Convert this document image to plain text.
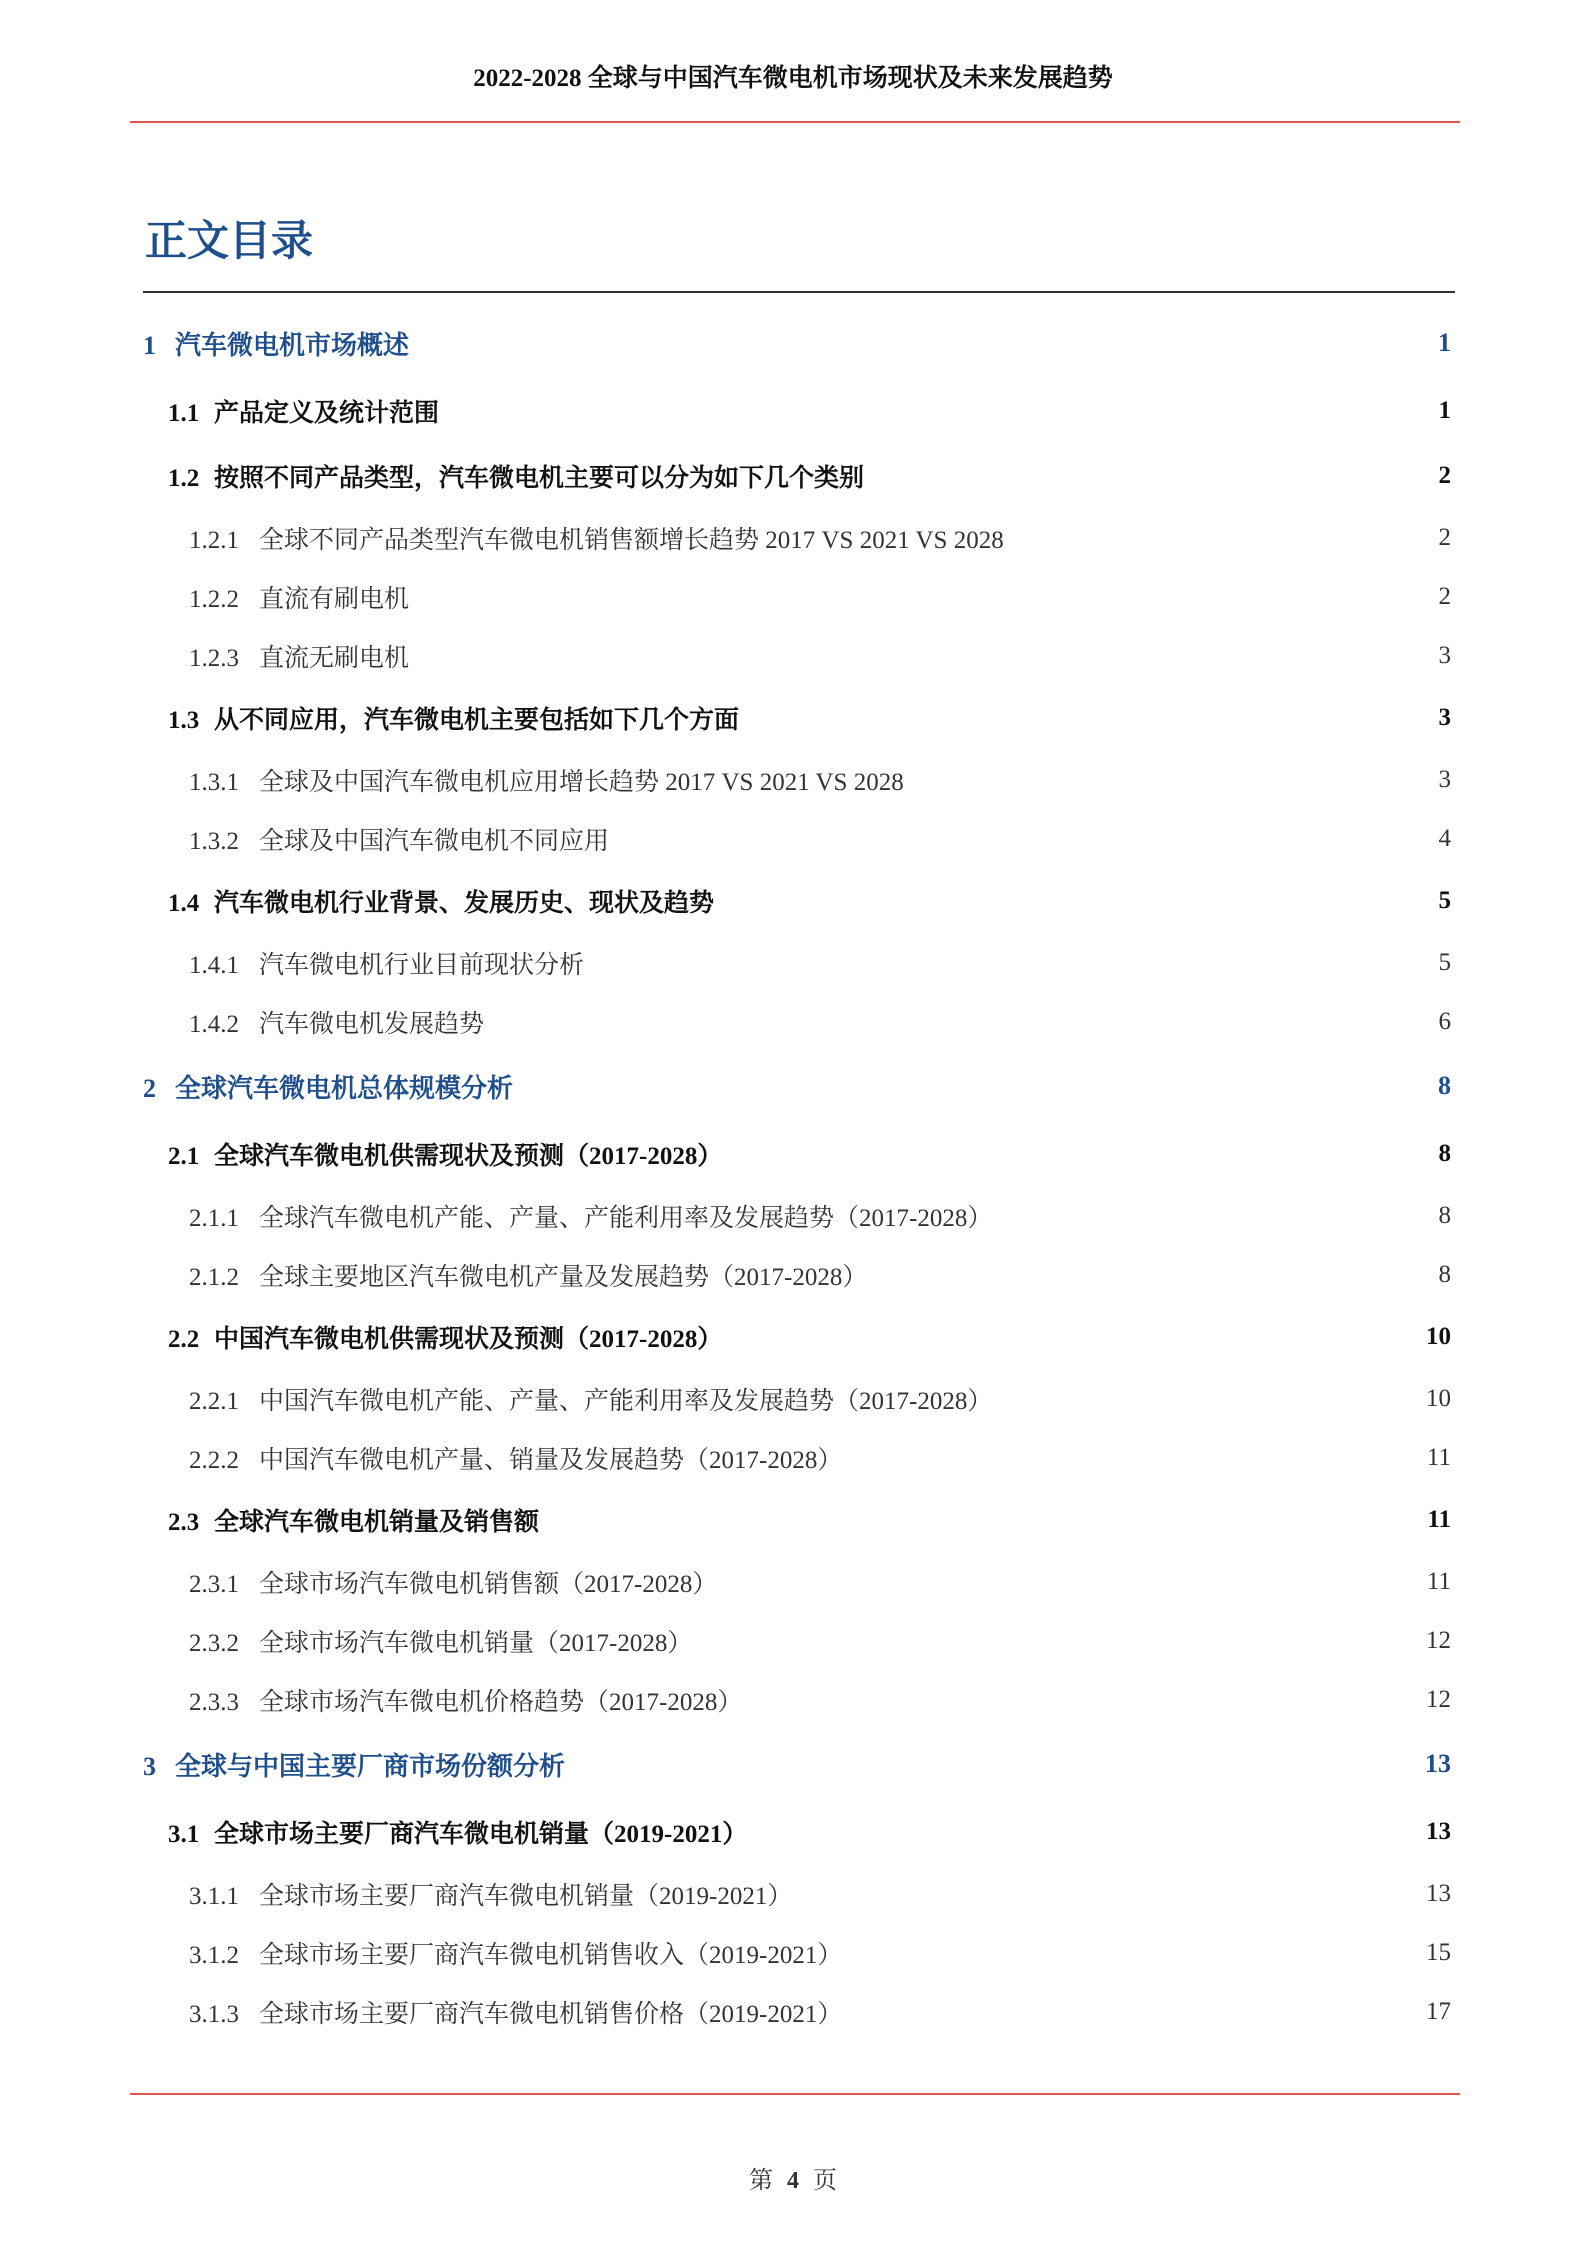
2022-2028 全球与中国汽车微电机市场现状及未来发展趋势
正文目录
1 汽车微电机市场概述	1
1.1 产品定义及统计范围	1
1.2 按照不同产品类型，汽车微电机主要可以分为如下几个类别	2
1.2.1 全球不同产品类型汽车微电机销售额增长趋势 2017 VS 2021 VS 2028	2
1.2.2 直流有刷电机	2
1.2.3 直流无刷电机	3
1.3 从不同应用，汽车微电机主要包括如下几个方面	3
1.3.1 全球及中国汽车微电机应用增长趋势 2017 VS 2021 VS 2028	3
1.3.2 全球及中国汽车微电机不同应用	4
1.4 汽车微电机行业背景、发展历史、现状及趋势	5
1.4.1 汽车微电机行业目前现状分析	5
1.4.2 汽车微电机发展趋势	6
2 全球汽车微电机总体规模分析	8
2.1 全球汽车微电机供需现状及预测（2017-2028）	8
2.1.1 全球汽车微电机产能、产量、产能利用率及发展趋势（2017-2028）	8
2.1.2 全球主要地区汽车微电机产量及发展趋势（2017-2028）	8
2.2 中国汽车微电机供需现状及预测（2017-2028）	10
2.2.1 中国汽车微电机产能、产量、产能利用率及发展趋势（2017-2028）	10
2.2.2 中国汽车微电机产量、销量及发展趋势（2017-2028）	11
2.3 全球汽车微电机销量及销售额	11
2.3.1 全球市场汽车微电机销售额（2017-2028）	11
2.3.2 全球市场汽车微电机销量（2017-2028）	12
2.3.3 全球市场汽车微电机价格趋势（2017-2028）	12
3 全球与中国主要厂商市场份额分析	13
3.1 全球市场主要厂商汽车微电机销量（2019-2021）	13
3.1.1 全球市场主要厂商汽车微电机销量（2019-2021）	13
3.1.2 全球市场主要厂商汽车微电机销售收入（2019-2021）	15
3.1.3 全球市场主要厂商汽车微电机销售价格（2019-2021）	17
第 4 页
